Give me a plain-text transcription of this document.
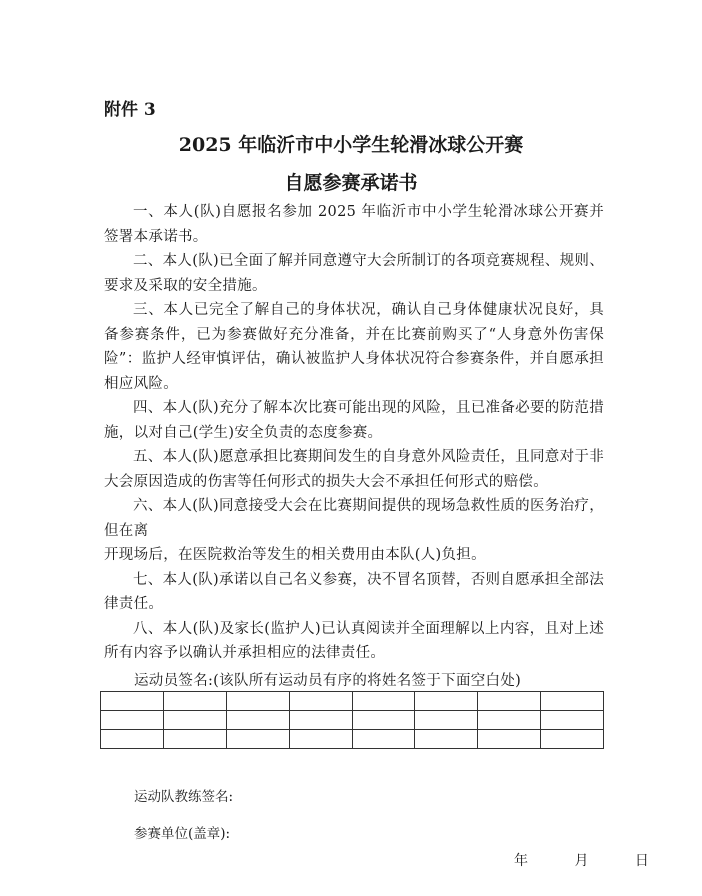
附件 3
2025 年临沂市中小学生轮滑冰球公开赛
自愿参赛承诺书

一、本人(队)自愿报名参加 2025 年临沂市中小学生轮滑冰球公开赛并签署本承诺书。

二、本人(队)已全面了解并同意遵守大会所制订的各项竞赛规程、规则、要求及采取的安全措施。

三、本人已完全了解自己的身体状况，确认自己身体健康状况良好，具备参赛条件，已为参赛做好充分准备，并在比赛前购买了“人身意外伤害保险”：监护人经审慎评估，确认被监护人身体状况符合参赛条件，并自愿承担相应风险。

四、本人(队)充分了解本次比赛可能出现的风险，且已准备必要的防范措施，以对自己(学生)安全负责的态度参赛。

五、本人(队)愿意承担比赛期间发生的自身意外风险责任，且同意对于非大会原因造成的伤害等任何形式的损失大会不承担任何形式的赔偿。

六、本人(队)同意接受大会在比赛期间提供的现场急救性质的医务治疗，但在离

开现场后，在医院救治等发生的相关费用由本队(人)负担。

七、本人(队)承诺以自己名义参赛，决不冒名顶替，否则自愿承担全部法律责任。

八、本人(队)及家长(监护人)已认真阅读并全面理解以上内容，且对上述所有内容予以确认并承担相应的法律责任。

运动员签名:(该队所有运动员有序的将姓名签于下面空白处)

运动队教练签名:
参赛单位(盖章):
年 月 日
